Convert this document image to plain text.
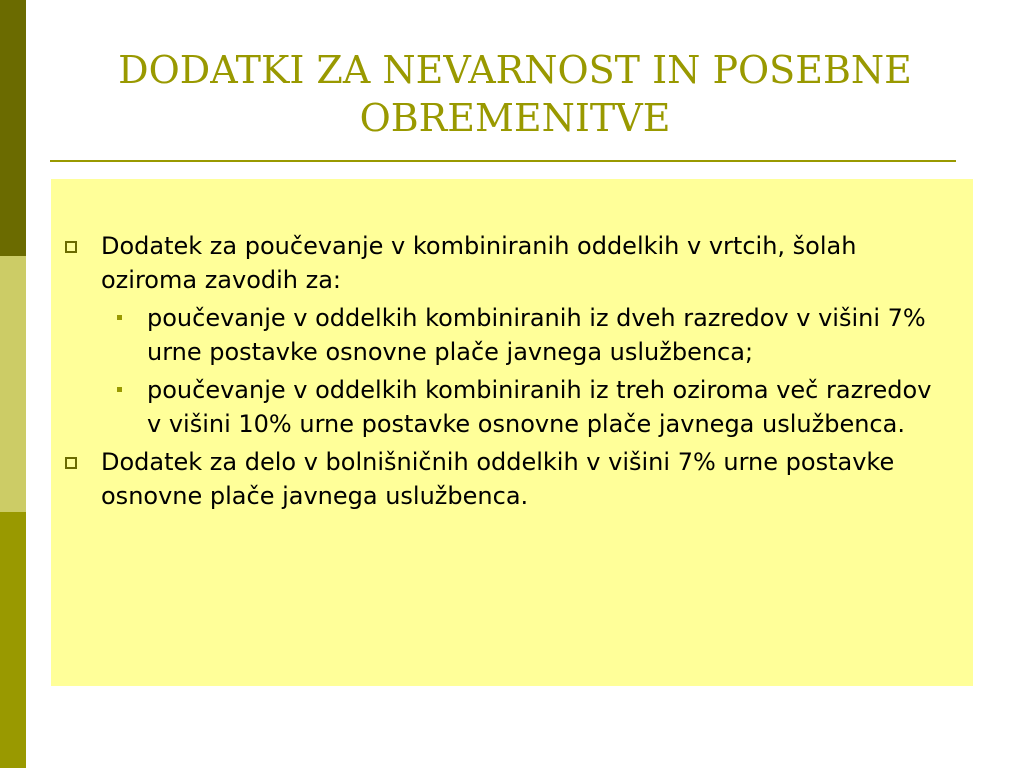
DODATKI ZA NEVARNOST IN POSEBNE
OBREMENITVE
Dodatek za poučevanje v kombiniranih oddelkih v vrtcih, šolah oziroma zavodih za:
poučevanje v oddelkih kombiniranih iz dveh razredov v višini 7% urne postavke osnovne plače javnega uslužbenca;
poučevanje v oddelkih kombiniranih iz treh oziroma več razredov v višini 10% urne postavke osnovne plače javnega uslužbenca.
Dodatek za delo v bolnišničnih oddelkih v višini 7% urne postavke osnovne plače javnega uslužbenca.
